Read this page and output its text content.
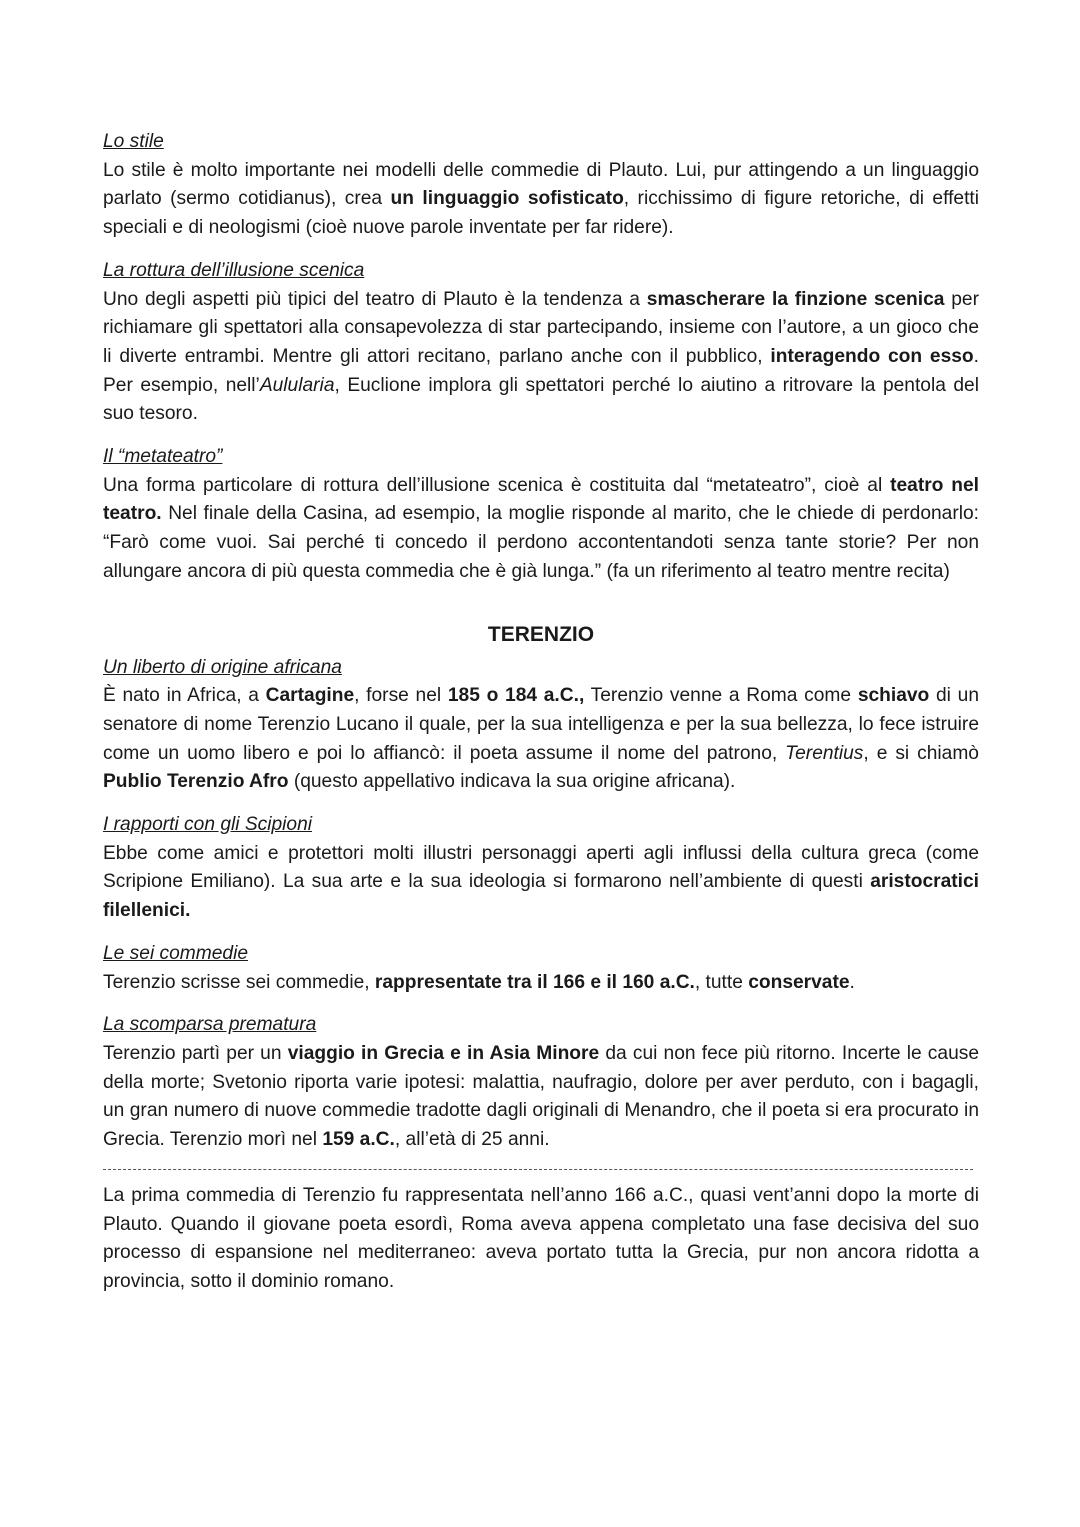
Lo stile

Lo stile è molto importante nei modelli delle commedie di Plauto. Lui, pur attingendo a un linguaggio parlato (sermo cotidianus), crea un linguaggio sofisticato, ricchissimo di figure retoriche, di effetti speciali e di neologismi (cioè nuove parole inventate per far ridere).

La rottura dell’illusione scenica

Uno degli aspetti più tipici del teatro di Plauto è la tendenza a smascherare la finzione scenica per richiamare gli spettatori alla consapevolezza di star partecipando, insieme con l’autore, a un gioco che li diverte entrambi. Mentre gli attori recitano, parlano anche con il pubblico, interagendo con esso. Per esempio, nell’Aulularia, Euclione implora gli spettatori perché lo aiutino a ritrovare la pentola del suo tesoro.

Il “metateatro”

Una forma particolare di rottura dell’illusione scenica è costituita dal “metateatro”, cioè al teatro nel teatro. Nel finale della Casina, ad esempio, la moglie risponde al marito, che le chiede di perdonarlo: “Farò come vuoi. Sai perché ti concedo il perdono accontentandoti senza tante storie? Per non allungare ancora di più questa commedia che è già lunga.” (fa un riferimento al teatro mentre recita)

TERENZIO

Un liberto di origine africana

È nato in Africa, a Cartagine, forse nel 185 o 184 a.C., Terenzio venne a Roma come schiavo di un senatore di nome Terenzio Lucano il quale, per la sua intelligenza e per la sua bellezza, lo fece istruire come un uomo libero e poi lo affiancò: il poeta assume il nome del patrono, Terentius, e si chiamò Publio Terenzio Afro (questo appellativo indicava la sua origine africana).

I rapporti con gli Scipioni

Ebbe come amici e protettori molti illustri personaggi aperti agli influssi della cultura greca (come Scripione Emiliano). La sua arte e la sua ideologia si formarono nell’ambiente di questi aristocratici filellenici.

Le sei commedie

Terenzio scrisse sei commedie, rappresentate tra il 166 e il 160 a.C., tutte conservate.

La scomparsa prematura

Terenzio partì per un viaggio in Grecia e in Asia Minore da cui non fece più ritorno. Incerte le cause della morte; Svetonio riporta varie ipotesi: malattia, naufragio, dolore per aver perduto, con i bagagli, un gran numero di nuove commedie tradotte dagli originali di Menandro, che il poeta si era procurato in Grecia. Terenzio morì nel 159 a.C., all’età di 25 anni.

La prima commedia di Terenzio fu rappresentata nell’anno 166 a.C., quasi vent’anni dopo la morte di Plauto. Quando il giovane poeta esordì, Roma aveva appena completato una fase decisiva del suo processo di espansione nel mediterraneo: aveva portato tutta la Grecia, pur non ancora ridotta a provincia, sotto il dominio romano.
